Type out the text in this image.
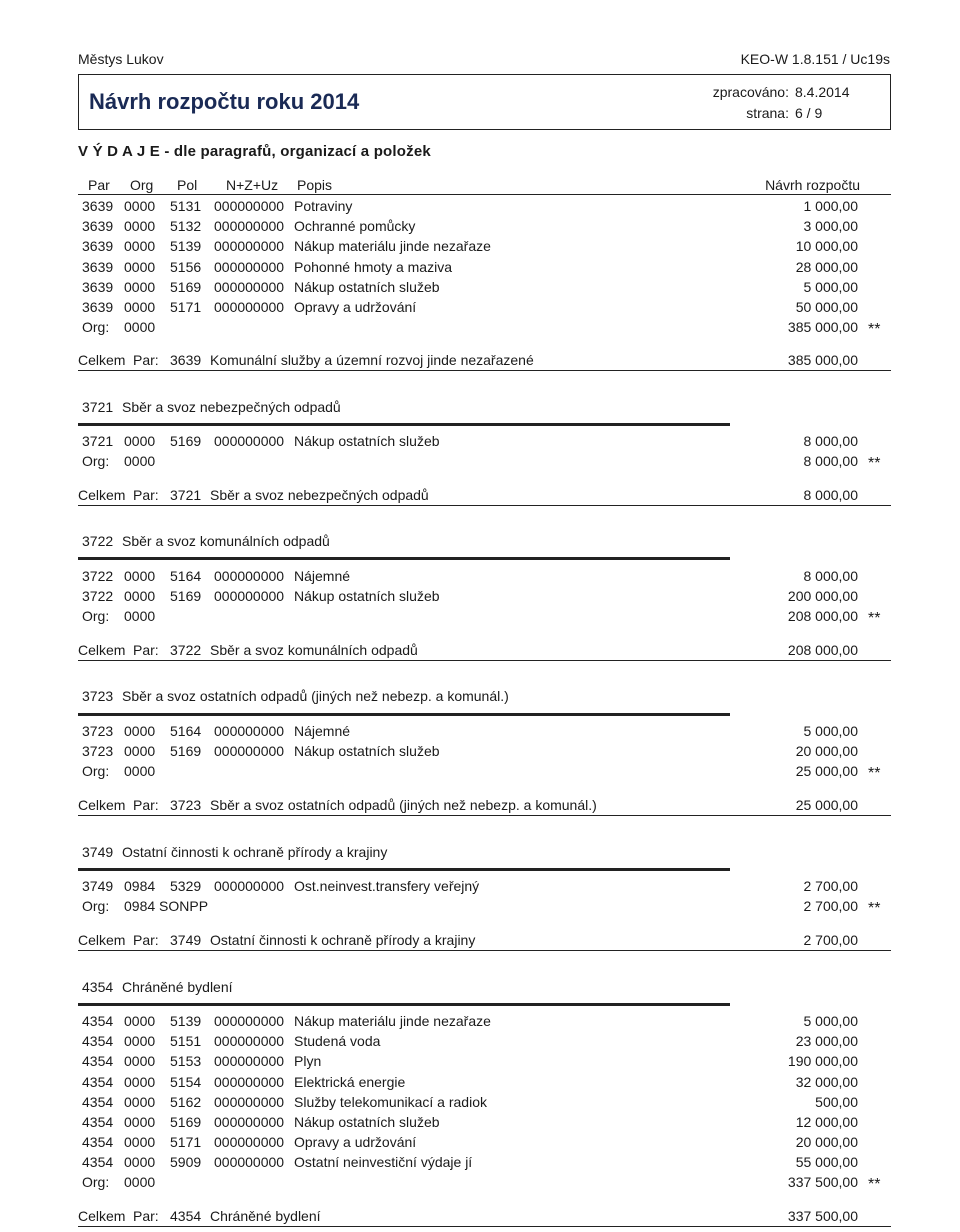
Městys Lukov	KEO-W 1.8.151 / Uc19s
Návrh rozpočtu roku 2014	zpracováno: 8.4.2014
strana: 6 / 9
V Ý D A J E - dle paragrafů, organizací a položek
Par Org Pol N+Z+Uz Popis	Návrh rozpočtu
3639 0000 5131 000000000 Potraviny	1 000,00
3639 0000 5132 000000000 Ochranné pomůcky	3 000,00
3639 0000 5139 000000000 Nákup materiálu jinde nezařaze	10 000,00
3639 0000 5156 000000000 Pohonné hmoty a maziva	28 000,00
3639 0000 5169 000000000 Nákup ostatních služeb	5 000,00
3639 0000 5171 000000000 Opravy a udržování	50 000,00
Org: 0000	385 000,00 **
Celkem Par: 3639 Komunální služby a územní rozvoj jinde nezařazené	385 000,00
3721 Sběr a svoz nebezpečných odpadů
3721 0000 5169 000000000 Nákup ostatních služeb	8 000,00
Org: 0000	8 000,00 **
Celkem Par: 3721 Sběr a svoz nebezpečných odpadů	8 000,00
3722 Sběr a svoz komunálních odpadů
3722 0000 5164 000000000 Nájemné	8 000,00
3722 0000 5169 000000000 Nákup ostatních služeb	200 000,00
Org: 0000	208 000,00 **
Celkem Par: 3722 Sběr a svoz komunálních odpadů	208 000,00
3723 Sběr a svoz ostatních odpadů (jiných než nebezp. a komunál.)
3723 0000 5164 000000000 Nájemné	5 000,00
3723 0000 5169 000000000 Nákup ostatních služeb	20 000,00
Org: 0000	25 000,00 **
Celkem Par: 3723 Sběr a svoz ostatních odpadů (jiných než nebezp. a komunál.)	25 000,00
3749 Ostatní činnosti k ochraně přírody a krajiny
3749 0984 5329 000000000 Ost.neinvest.transfery veřejný	2 700,00
Org: 0984 SONPP	2 700,00 **
Celkem Par: 3749 Ostatní činnosti k ochraně přírody a krajiny	2 700,00
4354 Chráněné bydlení
4354 0000 5139 000000000 Nákup materiálu jinde nezařaze	5 000,00
4354 0000 5151 000000000 Studená voda	23 000,00
4354 0000 5153 000000000 Plyn	190 000,00
4354 0000 5154 000000000 Elektrická energie	32 000,00
4354 0000 5162 000000000 Služby telekomunikací a radiok	500,00
4354 0000 5169 000000000 Nákup ostatních služeb	12 000,00
4354 0000 5171 000000000 Opravy a udržování	20 000,00
4354 0000 5909 000000000 Ostatní neinvestiční výdaje jí	55 000,00
Org: 0000	337 500,00 **
Celkem Par: 4354 Chráněné bydlení	337 500,00
